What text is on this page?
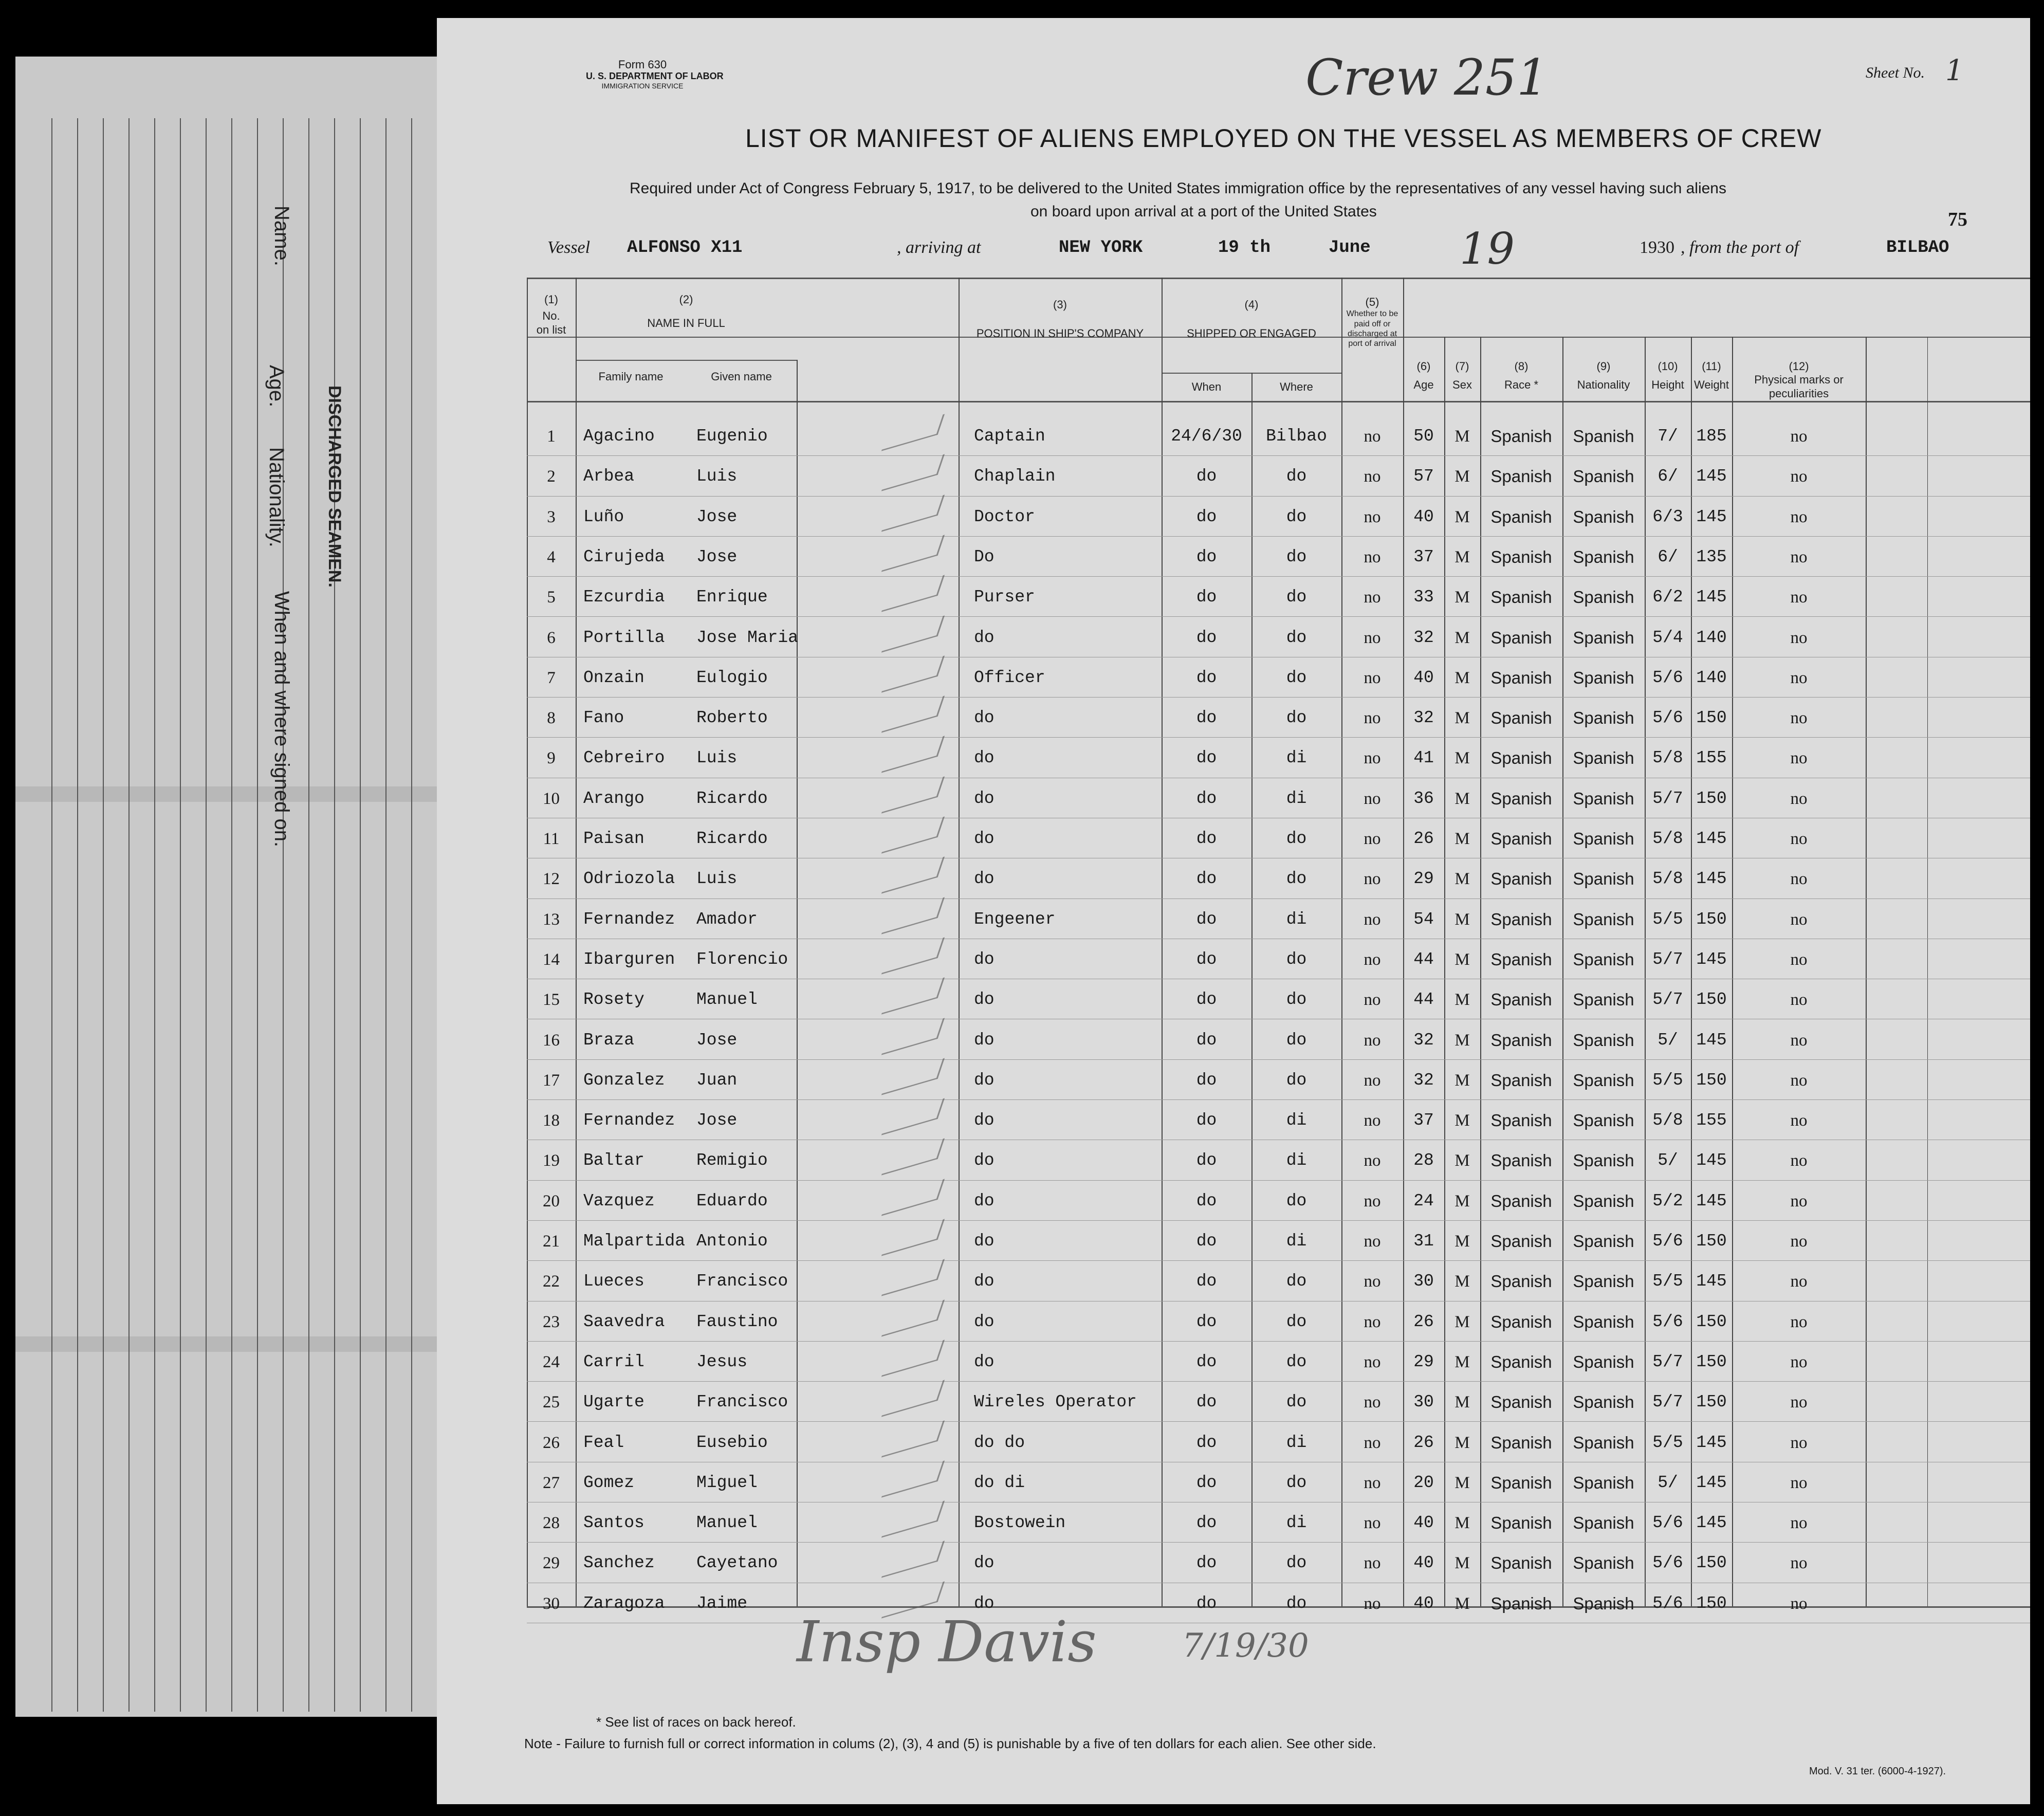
Name.
Age.
Nationality.
When and where signed on.
DISCHARGED SEAMEN.
Form 630
U. S. DEPARTMENT OF LABOR
IMMIGRATION SERVICE	Crew 251	Sheet No. 1
LIST OR MANIFEST OF ALIENS EMPLOYED ON THE VESSEL AS MEMBERS OF CREW
Required under Act of Congress February 5, 1917, to be delivered to the United States immigration office by the representatives of any vessel having such aliens
on board upon arrival at a port of the United States	75
Vessel ALFONSO X11	, arriving at	NEW YORK	19 th	June 19	1930 , from the port of	BILBAO
(1)
No. on list
(2)
NAME IN FULL
Family name	Given name
(3)
POSITION IN SHIP'S COMPANY
(4)
SHIPPED OR ENGAGED
When	Where
(5)
Whether to be paid off or discharged at port of arrival
(6)
Age
(7)
Sex
(8)
Race *
(9)
Nationality
(10)
Height
(11)
Weight
(12)
Physical marks or peculiarities
1	Agacino	Eugenio	Captain	24/6/30	Bilbao	no	50	M	Spanish	Spanish	7/	185	no
2	Arbea	Luis	Chaplain	do	do	no	57	M	Spanish	Spanish	6/	145	no
3	Luño	Jose	Doctor	do	do	no	40	M	Spanish	Spanish	6/3 145	no
4	Cirujeda	Jose	Do	do	do	no	37	M	Spanish	Spanish	6/	135	no
5	Ezcurdia	Enrique	Purser	do	do	no	33	M	Spanish	Spanish	6/2 145	no
6	Portilla	Jose Maria	do	do	do	no	32	M	Spanish	Spanish	5/4 140	no
7	Onzain	Eulogio	Officer	do	do	no	40	M	Spanish	Spanish	5/6 140	no
8	Fano	Roberto	do	do	do	no	32	M	Spanish	Spanish	5/6 150	no
9	Cebreiro	Luis	do	do	di	no	41	M	Spanish	Spanish	5/8 155	no
10	Arango	Ricardo	do	do	di	no	36	M	Spanish	Spanish	5/7 150	no
11	Paisan	Ricardo	do	do	do	no	26	M	Spanish	Spanish	5/8 145	no
12	Odriozola	Luis	do	do	do	no	29	M	Spanish	Spanish	5/8 145	no
13	Fernandez	Amador	Engeener	do	di	no	54	M	Spanish	Spanish	5/5 150	no
14	Ibarguren	Florencio	do	do	do	no	44	M	Spanish	Spanish	5/7 145	no
15	Rosety	Manuel	do	do	do	no	44	M	Spanish	Spanish	5/7 150	no
16	Braza	Jose	do	do	do	no	32	M	Spanish	Spanish	5/	145	no
17	Gonzalez	Juan	do	do	do	no	32	M	Spanish	Spanish	5/5 150	no
18	Fernandez	Jose	do	do	di	no	37	M	Spanish	Spanish	5/8 155	no
19	Baltar	Remigio	do	do	di	no	28	M	Spanish	Spanish	5/	145	no
20	Vazquez	Eduardo	do	do	do	no	24	M	Spanish	Spanish	5/2 145	no
21	Malpartida Antonio	do	do	di	no	31	M	Spanish	Spanish	5/6 150	no
22	Lueces	Francisco	do	do	do	no	30	M	Spanish	Spanish	5/5 145	no
23	Saavedra	Faustino	do	do	do	no	26	M	Spanish	Spanish	5/6 150	no
24	Carril	Jesus	do	do	do	no	29	M	Spanish	Spanish	5/7 150	no
25	Ugarte	Francisco	Wireles Operator	do	do	no	30	M	Spanish	Spanish	5/7 150	no
26	Feal	Eusebio	do do	do	di	no	26	M	Spanish	Spanish	5/5 145	no
27	Gomez	Miguel	do di	do	do	no	20	M	Spanish	Spanish	5/	145	no
28	Santos	Manuel	Bostowein	do	di	no	40	M	Spanish	Spanish	5/6 145	no
29	Sanchez	Cayetano	do	do	do	no	40	M	Spanish	Spanish	5/6 150	no
30	Zaragoza	Jaime	do	do	do	no	40	M	Spanish	Spanish	5/6 150	no
Insp Davis	7/19/30
* See list of races on back hereof.
Note - Failure to furnish full or correct information in colums (2), (3), 4 and (5) is punishable by a five of ten dollars for each alien. See other side.
Mod. V. 31 ter. (6000-4-1927).
